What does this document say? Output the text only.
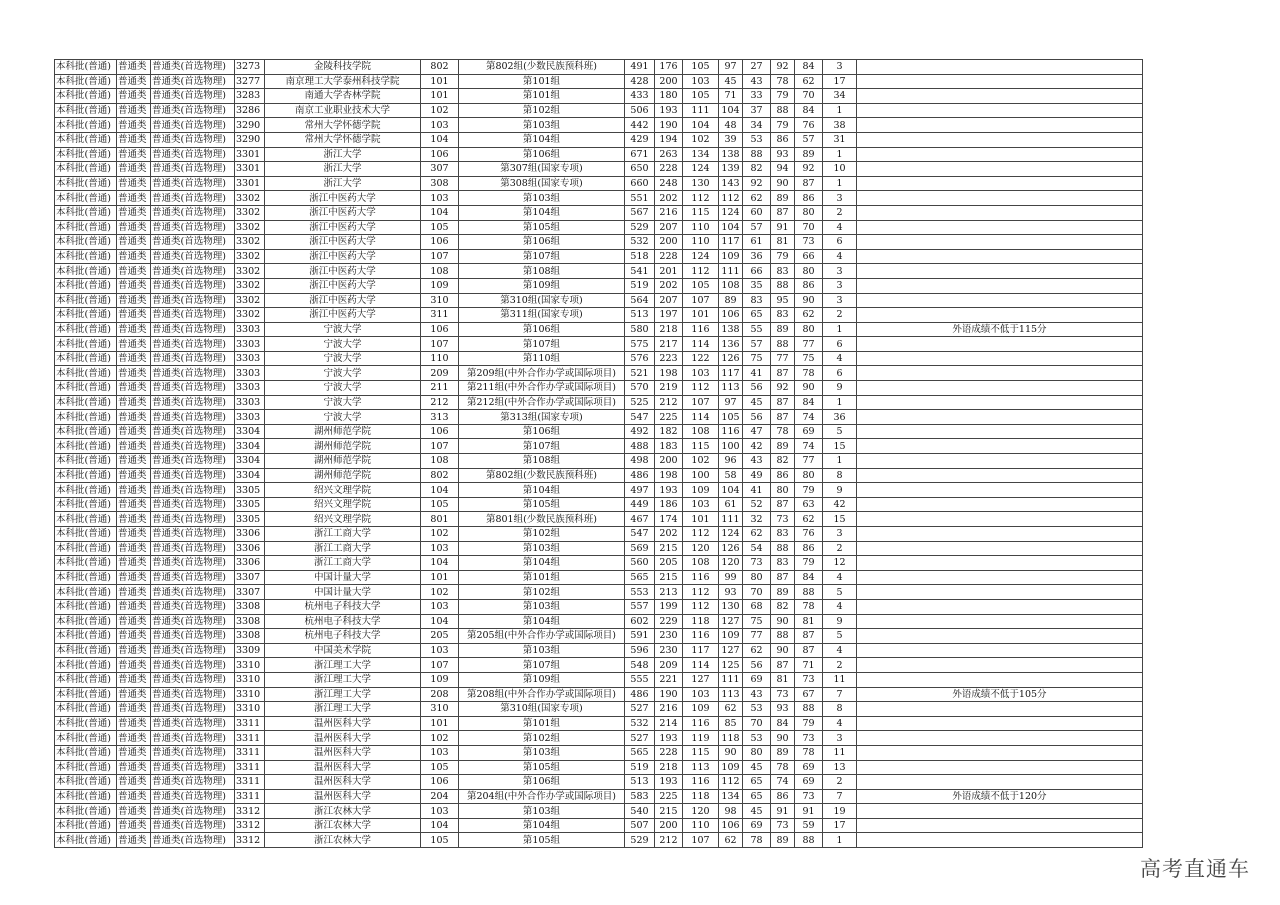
本科批(普通)	普通类	普通类(首选物理)	3273	金陵科技学院	802	第802组(少数民族预科班)	491	176	105	97	27	92	84	3	
本科批(普通)	普通类	普通类(首选物理)	3277	南京理工大学泰州科技学院	101	第101组	428	200	103	45	43	78	62	17	
本科批(普通)	普通类	普通类(首选物理)	3283	南通大学杏林学院	101	第101组	433	180	105	71	33	79	70	34	
本科批(普通)	普通类	普通类(首选物理)	3286	南京工业职业技术大学	102	第102组	506	193	111	104	37	88	84	1	
本科批(普通)	普通类	普通类(首选物理)	3290	常州大学怀德学院	103	第103组	442	190	104	48	34	79	76	38	
本科批(普通)	普通类	普通类(首选物理)	3290	常州大学怀德学院	104	第104组	429	194	102	39	53	86	57	31	
本科批(普通)	普通类	普通类(首选物理)	3301	浙江大学	106	第106组	671	263	134	138	88	93	89	1	
本科批(普通)	普通类	普通类(首选物理)	3301	浙江大学	307	第307组(国家专项)	650	228	124	139	82	94	92	10	
本科批(普通)	普通类	普通类(首选物理)	3301	浙江大学	308	第308组(国家专项)	660	248	130	143	92	90	87	1	
本科批(普通)	普通类	普通类(首选物理)	3302	浙江中医药大学	103	第103组	551	202	112	112	62	89	86	3	
本科批(普通)	普通类	普通类(首选物理)	3302	浙江中医药大学	104	第104组	567	216	115	124	60	87	80	2	
本科批(普通)	普通类	普通类(首选物理)	3302	浙江中医药大学	105	第105组	529	207	110	104	57	91	70	4	
本科批(普通)	普通类	普通类(首选物理)	3302	浙江中医药大学	106	第106组	532	200	110	117	61	81	73	6	
本科批(普通)	普通类	普通类(首选物理)	3302	浙江中医药大学	107	第107组	518	228	124	109	36	79	66	4	
本科批(普通)	普通类	普通类(首选物理)	3302	浙江中医药大学	108	第108组	541	201	112	111	66	83	80	3	
本科批(普通)	普通类	普通类(首选物理)	3302	浙江中医药大学	109	第109组	519	202	105	108	35	88	86	3	
本科批(普通)	普通类	普通类(首选物理)	3302	浙江中医药大学	310	第310组(国家专项)	564	207	107	89	83	95	90	3	
本科批(普通)	普通类	普通类(首选物理)	3302	浙江中医药大学	311	第311组(国家专项)	513	197	101	106	65	83	62	2	
本科批(普通)	普通类	普通类(首选物理)	3303	宁波大学	106	第106组	580	218	116	138	55	89	80	1	外语成绩不低于115分
本科批(普通)	普通类	普通类(首选物理)	3303	宁波大学	107	第107组	575	217	114	136	57	88	77	6	
本科批(普通)	普通类	普通类(首选物理)	3303	宁波大学	110	第110组	576	223	122	126	75	77	75	4	
本科批(普通)	普通类	普通类(首选物理)	3303	宁波大学	209	第209组(中外合作办学或国际项目)	521	198	103	117	41	87	78	6	
本科批(普通)	普通类	普通类(首选物理)	3303	宁波大学	211	第211组(中外合作办学或国际项目)	570	219	112	113	56	92	90	9	
本科批(普通)	普通类	普通类(首选物理)	3303	宁波大学	212	第212组(中外合作办学或国际项目)	525	212	107	97	45	87	84	1	
本科批(普通)	普通类	普通类(首选物理)	3303	宁波大学	313	第313组(国家专项)	547	225	114	105	56	87	74	36	
本科批(普通)	普通类	普通类(首选物理)	3304	湖州师范学院	106	第106组	492	182	108	116	47	78	69	5	
本科批(普通)	普通类	普通类(首选物理)	3304	湖州师范学院	107	第107组	488	183	115	100	42	89	74	15	
本科批(普通)	普通类	普通类(首选物理)	3304	湖州师范学院	108	第108组	498	200	102	96	43	82	77	1	
本科批(普通)	普通类	普通类(首选物理)	3304	湖州师范学院	802	第802组(少数民族预科班)	486	198	100	58	49	86	80	8	
本科批(普通)	普通类	普通类(首选物理)	3305	绍兴文理学院	104	第104组	497	193	109	104	41	80	79	9	
本科批(普通)	普通类	普通类(首选物理)	3305	绍兴文理学院	105	第105组	449	186	103	61	52	87	63	42	
本科批(普通)	普通类	普通类(首选物理)	3305	绍兴文理学院	801	第801组(少数民族预科班)	467	174	101	111	32	73	62	15	
本科批(普通)	普通类	普通类(首选物理)	3306	浙江工商大学	102	第102组	547	202	112	124	62	83	76	3	
本科批(普通)	普通类	普通类(首选物理)	3306	浙江工商大学	103	第103组	569	215	120	126	54	88	86	2	
本科批(普通)	普通类	普通类(首选物理)	3306	浙江工商大学	104	第104组	560	205	108	120	73	83	79	12	
本科批(普通)	普通类	普通类(首选物理)	3307	中国计量大学	101	第101组	565	215	116	99	80	87	84	4	
本科批(普通)	普通类	普通类(首选物理)	3307	中国计量大学	102	第102组	553	213	112	93	70	89	88	5	
本科批(普通)	普通类	普通类(首选物理)	3308	杭州电子科技大学	103	第103组	557	199	112	130	68	82	78	4	
本科批(普通)	普通类	普通类(首选物理)	3308	杭州电子科技大学	104	第104组	602	229	118	127	75	90	81	9	
本科批(普通)	普通类	普通类(首选物理)	3308	杭州电子科技大学	205	第205组(中外合作办学或国际项目)	591	230	116	109	77	88	87	5	
本科批(普通)	普通类	普通类(首选物理)	3309	中国美术学院	103	第103组	596	230	117	127	62	90	87	4	
本科批(普通)	普通类	普通类(首选物理)	3310	浙江理工大学	107	第107组	548	209	114	125	56	87	71	2	
本科批(普通)	普通类	普通类(首选物理)	3310	浙江理工大学	109	第109组	555	221	127	111	69	81	73	11	
本科批(普通)	普通类	普通类(首选物理)	3310	浙江理工大学	208	第208组(中外合作办学或国际项目)	486	190	103	113	43	73	67	7	外语成绩不低于105分
本科批(普通)	普通类	普通类(首选物理)	3310	浙江理工大学	310	第310组(国家专项)	527	216	109	62	53	93	88	8	
本科批(普通)	普通类	普通类(首选物理)	3311	温州医科大学	101	第101组	532	214	116	85	70	84	79	4	
本科批(普通)	普通类	普通类(首选物理)	3311	温州医科大学	102	第102组	527	193	119	118	53	90	73	3	
本科批(普通)	普通类	普通类(首选物理)	3311	温州医科大学	103	第103组	565	228	115	90	80	89	78	11	
本科批(普通)	普通类	普通类(首选物理)	3311	温州医科大学	105	第105组	519	218	113	109	45	78	69	13	
本科批(普通)	普通类	普通类(首选物理)	3311	温州医科大学	106	第106组	513	193	116	112	65	74	69	2	
本科批(普通)	普通类	普通类(首选物理)	3311	温州医科大学	204	第204组(中外合作办学或国际项目)	583	225	118	134	65	86	73	7	外语成绩不低于120分
本科批(普通)	普通类	普通类(首选物理)	3312	浙江农林大学	103	第103组	540	215	120	98	45	91	91	19	
本科批(普通)	普通类	普通类(首选物理)	3312	浙江农林大学	104	第104组	507	200	110	106	69	73	59	17	
本科批(普通)	普通类	普通类(首选物理)	3312	浙江农林大学	105	第105组	529	212	107	62	78	89	88	1	
高考直通车
